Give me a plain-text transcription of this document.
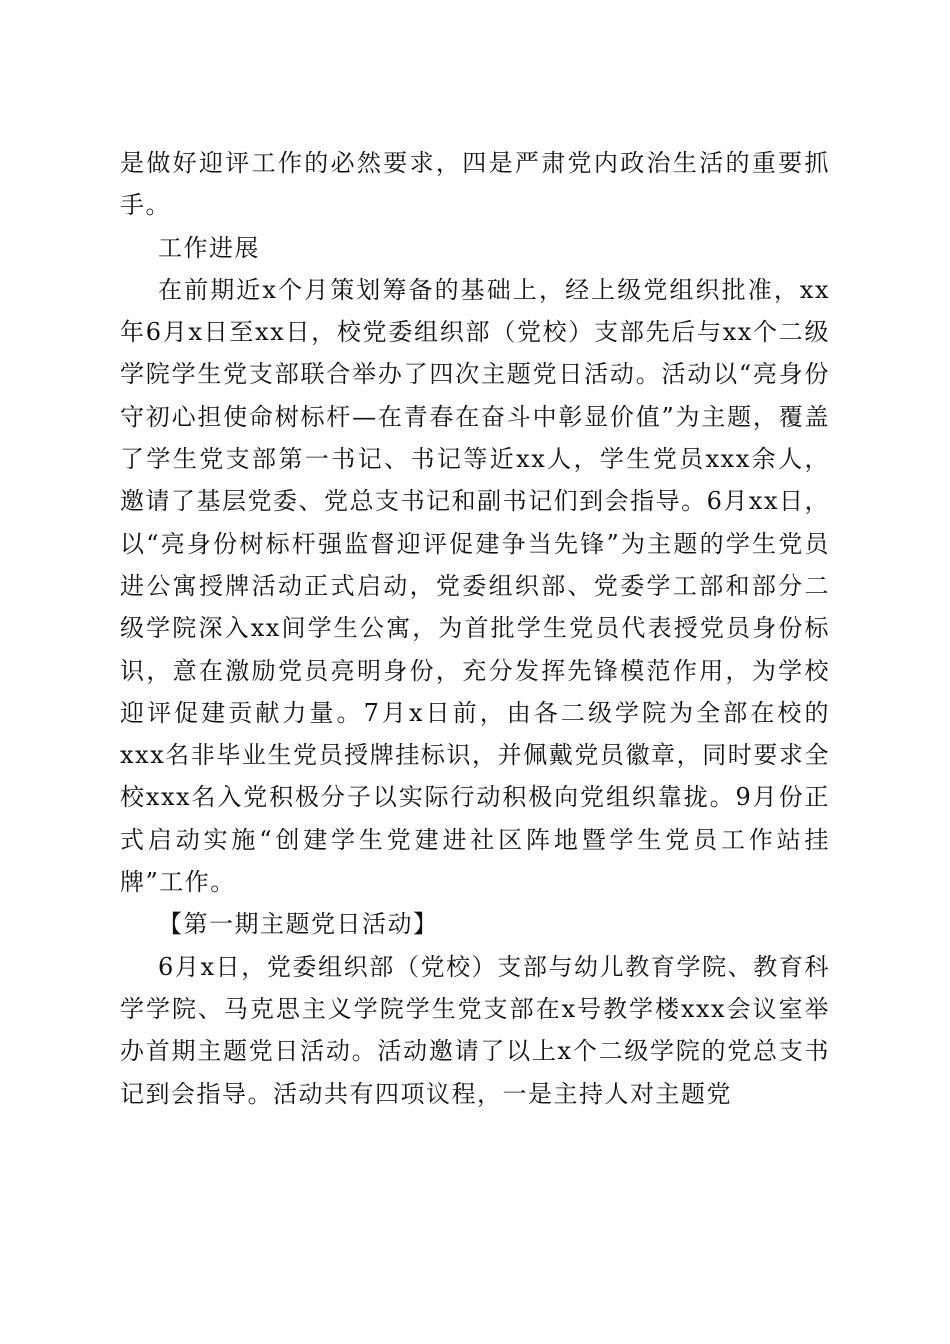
是做好迎评工作的必然要求，四是严肃党内政治生活的重要抓手。

工作进展

在前期近x个月策划筹备的基础上，经上级党组织批准，xx年6月x日至xx日，校党委组织部（党校）支部先后与xx个二级学院学生党支部联合举办了四次主题党日活动。活动以“亮身份守初心担使命树标杆—在青春在奋斗中彰显价值”为主题，覆盖了学生党支部第一书记、书记等近xx人，学生党员xxx余人，邀请了基层党委、党总支书记和副书记们到会指导。6月xx日，以“亮身份树标杆强监督迎评促建争当先锋”为主题的学生党员进公寓授牌活动正式启动，党委组织部、党委学工部和部分二级学院深入xx间学生公寓，为首批学生党员代表授党员身份标识，意在激励党员亮明身份，充分发挥先锋模范作用，为学校迎评促建贡献力量。7月x日前，由各二级学院为全部在校的xxx名非毕业生党员授牌挂标识，并佩戴党员徽章，同时要求全校xxx名入党积极分子以实际行动积极向党组织靠拢。9月份正式启动实施“创建学生党建进社区阵地暨学生党员工作站挂牌”工作。

【第一期主题党日活动】

6月x日，党委组织部（党校）支部与幼儿教育学院、教育科学学院、马克思主义学院学生党支部在x号教学楼xxx会议室举办首期主题党日活动。活动邀请了以上x个二级学院的党总支书记到会指导。活动共有四项议程，一是主持人对主题党
